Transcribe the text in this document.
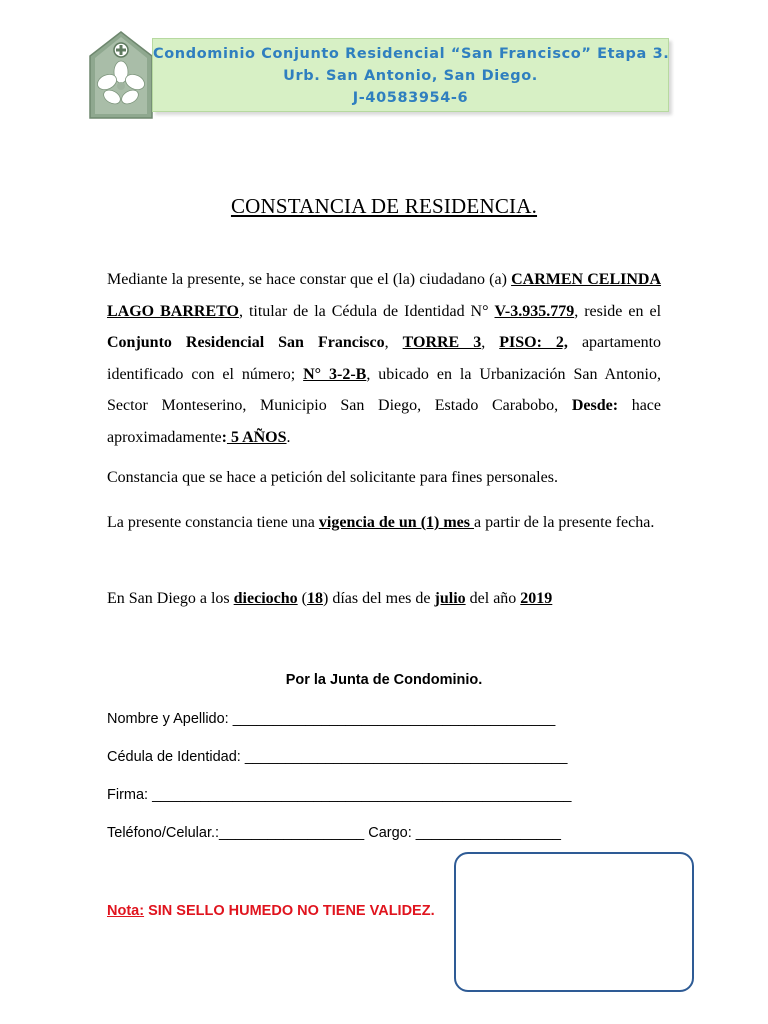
Condominio Conjunto Residencial “San Francisco” Etapa 3.
Urb. San Antonio, San Diego.
J-40583954-6
CONSTANCIA DE RESIDENCIA.

Mediante la presente, se hace constar que el (la) ciudadano (a) CARMEN CELINDA LAGO BARRETO, titular de la Cédula de Identidad N° V-3.935.779, reside en el Conjunto Residencial San Francisco, TORRE 3, PISO: 2, apartamento identificado con el número; N° 3-2-B, ubicado en la Urbanización San Antonio, Sector Monteserino, Municipio San Diego, Estado Carabobo, Desde: hace aproximadamente: 5 AÑOS.

Constancia que se hace a petición del solicitante para fines personales.
La presente constancia tiene una vigencia de un (1) mes a partir de la presente fecha.
En San Diego a los dieciocho (18) días del mes de julio del año 2019
Por la Junta de Condominio.
Nombre y Apellido: ________________________________________
Cédula de Identidad: ________________________________________
Firma: ____________________________________________________
Teléfono/Celular.:__________________ Cargo: __________________
Nota: SIN SELLO HUMEDO NO TIENE VALIDEZ.
